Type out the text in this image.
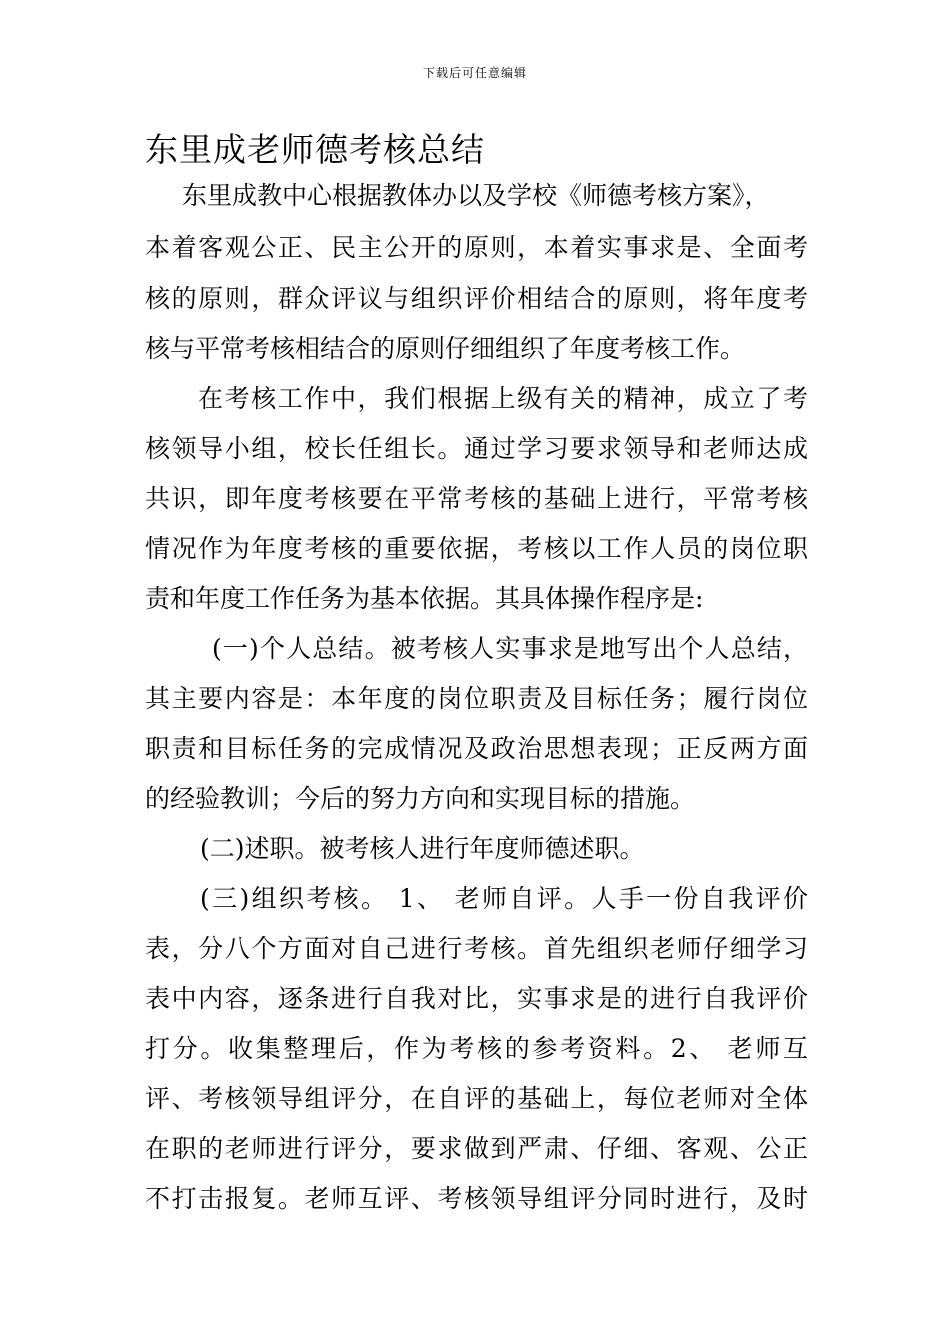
下载后可任意编辑
东里成老师德考核总结

东里成教中心根据教体办以及学校《师德考核方案》，

本着客观公正、民主公开的原则，本着实事求是、全面考

核的原则，群众评议与组织评价相结合的原则，将年度考

核与平常考核相结合的原则仔细组织了年度考核工作。

在考核工作中，我们根据上级有关的精神，成立了考

核领导小组，校长任组长。通过学习要求领导和老师达成

共识，即年度考核要在平常考核的基础上进行，平常考核

情况作为年度考核的重要依据，考核以工作人员的岗位职

责和年度工作任务为基本依据。其具体操作程序是:

(一)个人总结。被考核人实事求是地写出个人总结，

其主要内容是：本年度的岗位职责及目标任务；履行岗位

职责和目标任务的完成情况及政治思想表现；正反两方面

的经验教训；今后的努力方向和实现目标的措施。

(二)述职。被考核人进行年度师德述职。

(三)组织考核。 1、 老师自评。人手一份自我评价

表，分八个方面对自己进行考核。首先组织老师仔细学习

表中内容，逐条进行自我对比，实事求是的进行自我评价

打分。收集整理后，作为考核的参考资料。2、 老师互

评、考核领导组评分，在自评的基础上，每位老师对全体

在职的老师进行评分，要求做到严肃、仔细、客观、公正

不打击报复。老师互评、考核领导组评分同时进行，及时
